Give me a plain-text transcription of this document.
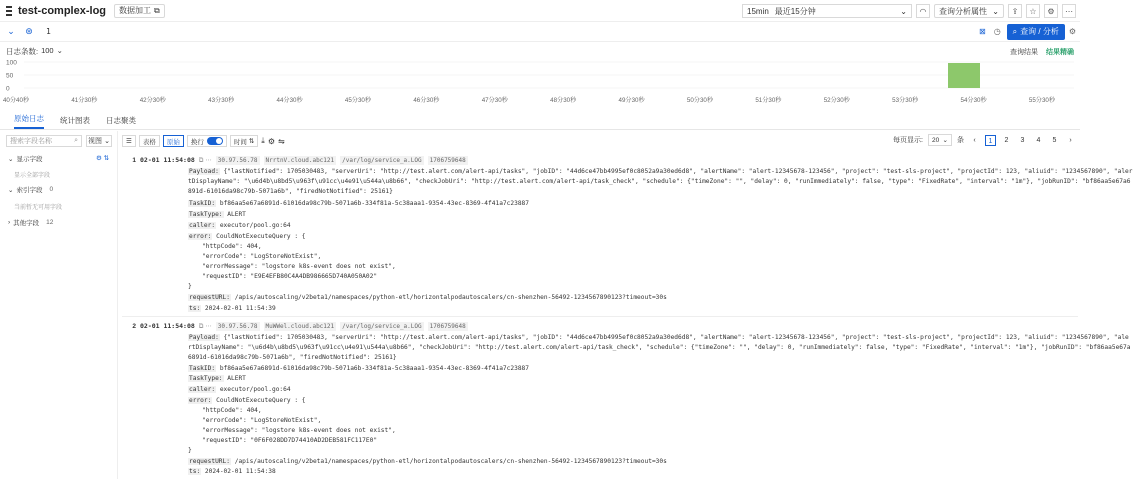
test-complex-log 数据加工 ⧉	15min 最近15分钟	⌄	◠	查询分析属性 ⌄	⇪	☆	⚙	⋯
⌄	⊛	1	⊠ ◷ ⌕ 查询 / 分析 ⚙
日志条数: 100 ⌄	查询结果 结果精确
100
50
0
40分40秒	41分30秒	42分30秒	43分30秒	44分30秒	45分30秒	46分30秒	47分30秒	48分30秒	49分30秒	50分30秒	51分30秒	52分30秒	53分30秒	54分30秒	55分30秒
原始日志 统计图表 日志聚类
搜索字段名称	⌕ 视图 ⌄
⌄ 显示字段	⚙ ⇅
显示全部字段
⌄ 索引字段 0
当前暂无可用字段
› 其他字段 12
☰	表格	原始	换行	时间 ⇅ ⤓ ⚙ ⇋	每页显示: 20 ⌄ 条	‹	1	2	3	4	5	›
1 02-01 11:54:08 ⧉ ⋯	30.97.56.78	NrrtnV.cloud.abc121	/var/log/service_a.LOG	1706759648
Payload: {"lastNotified": 1705030483, "serverUri": "http://test.alert.com/alert-api/tasks", "jobID": "44d6ce47bb4995ef0c8052a9a30ed6d8", "alertName": "alert-12345678-123456", "project": "test-sls-project", "projectId": 123, "aliuid": "1234567890", "aler
tDisplayName": "\u6d4b\u8bd5\u963f\u91cc\u4e91\u544a\u8b66", "checkJobUri": "http://test.alert.com/alert-api/task_check", "schedule": {"timeZone": "", "delay": 0, "runImmediately": false, "type": "FixedRate", "interval": "1m"}, "jobRunID": "bf86aa5e67a6
891d-61016da98c79b-5071a6b", "firedNotNotified": 25161}
TaskID: bf86aa5e67a6891d-61016da98c79b-5071a6b-334f81a-5c38aaa1-9354-43ec-8369-4f41a7c23887
TaskType: ALERT
caller: executor/pool.go:64
error: CouldNotExecuteQuery : {
"httpCode": 404,
"errorCode": "LogStoreNotExist",
"errorMessage": "logstore k8s-event does not exist",
"requestID": "E9E4EFB80C4A4DB986665D740A050A02"
}
requestURL: /apis/autoscaling/v2beta1/namespaces/python-etl/horizontalpodautoscalers/cn-shenzhen-56492-1234567890123?timeout=30s
ts: 2024-02-01 11:54:39
2 02-01 11:54:08 ⧉ ⋯	30.97.56.78	MuWWel.cloud.abc121	/var/log/service_a.LOG	1706759648
Payload: {"lastNotified": 1705030483, "serverUri": "http://test.alert.com/alert-api/tasks", "jobID": "44d6ce47bb4995ef0c8052a9a30ed6d8", "alertName": "alert-12345678-123456", "project": "test-sls-project", "projectId": 123, "aliuid": "1234567890", "ale
rtDisplayName": "\u6d4b\u8bd5\u963f\u91cc\u4e91\u544a\u8b66", "checkJobUri": "http://test.alert.com/alert-api/task_check", "schedule": {"timeZone": "", "delay": 0, "runImmediately": false, "type": "FixedRate", "interval": "1m"}, "jobRunID": "bf86aa5e67a
6891d-61016da98c79b-5071a6b", "firedNotNotified": 25161}
TaskID: bf86aa5e67a6891d-61016da98c79b-5071a6b-334f81a-5c38aaa1-9354-43ec-8369-4f41a7c23887
TaskType: ALERT
caller: executor/pool.go:64
error: CouldNotExecuteQuery : {
"httpCode": 404,
"errorCode": "LogStoreNotExist",
"errorMessage": "logstore k8s-event does not exist",
"requestID": "0F6F028DD7D74410AD2DEB581FC117E0"
}
requestURL: /apis/autoscaling/v2beta1/namespaces/python-etl/horizontalpodautoscalers/cn-shenzhen-56492-1234567890123?timeout=30s
ts: 2024-02-01 11:54:38
